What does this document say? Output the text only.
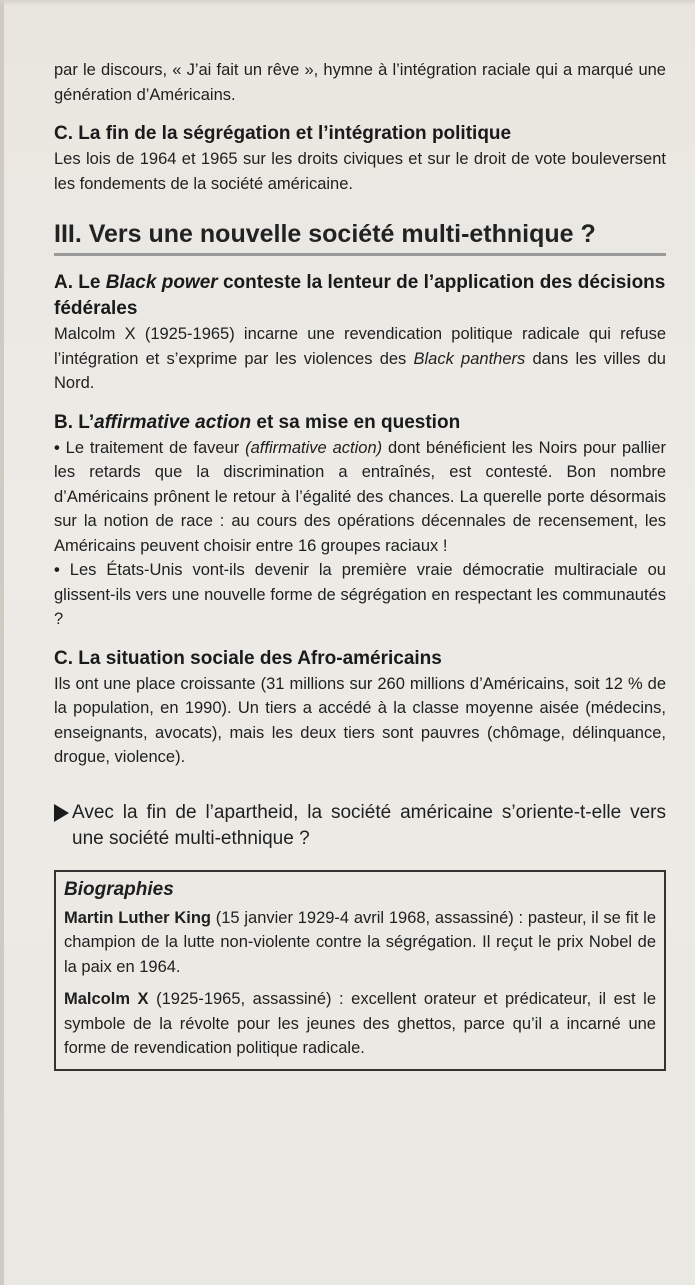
par le discours, « J’ai fait un rêve », hymne à l’intégration raciale qui a marqué une génération d’Américains.

C. La fin de la ségrégation et l’intégration politique

Les lois de 1964 et 1965 sur les droits civiques et sur le droit de vote bouleversent les fondements de la société américaine.

III. Vers une nouvelle société multi-ethnique ?
A. Le Black power conteste la lenteur de l’application des décisions fédérales

Malcolm X (1925-1965) incarne une revendication politique radicale qui refuse l’intégration et s’exprime par les violences des Black panthers dans les villes du Nord.

B. L’affirmative action et sa mise en question

• Le traitement de faveur (affirmative action) dont bénéficient les Noirs pour pallier les retards que la discrimination a entraînés, est contesté. Bon nombre d’Américains prônent le retour à l’égalité des chances. La querelle porte désormais sur la notion de race : au cours des opérations décennales de recensement, les Américains peuvent choisir entre 16 groupes raciaux !

• Les États-Unis vont-ils devenir la première vraie démocratie multiraciale ou glissent-ils vers une nouvelle forme de ségrégation en respectant les communautés ?

C. La situation sociale des Afro-américains

Ils ont une place croissante (31 millions sur 260 millions d’Américains, soit 12 % de la population, en 1990). Un tiers a accédé à la classe moyenne aisée (médecins, enseignants, avocats), mais les deux tiers sont pauvres (chômage, délinquance, drogue, violence).

Avec la fin de l’apartheid, la société américaine s’oriente-t-elle vers une société multi-ethnique ?
Biographies

Martin Luther King (15 janvier 1929-4 avril 1968, assassiné) : pasteur, il se fit le champion de la lutte non-violente contre la ségrégation. Il reçut le prix Nobel de la paix en 1964.

Malcolm X (1925-1965, assassiné) : excellent orateur et prédicateur, il est le symbole de la révolte pour les jeunes des ghettos, parce qu’il a incarné une forme de revendication politique radicale.
